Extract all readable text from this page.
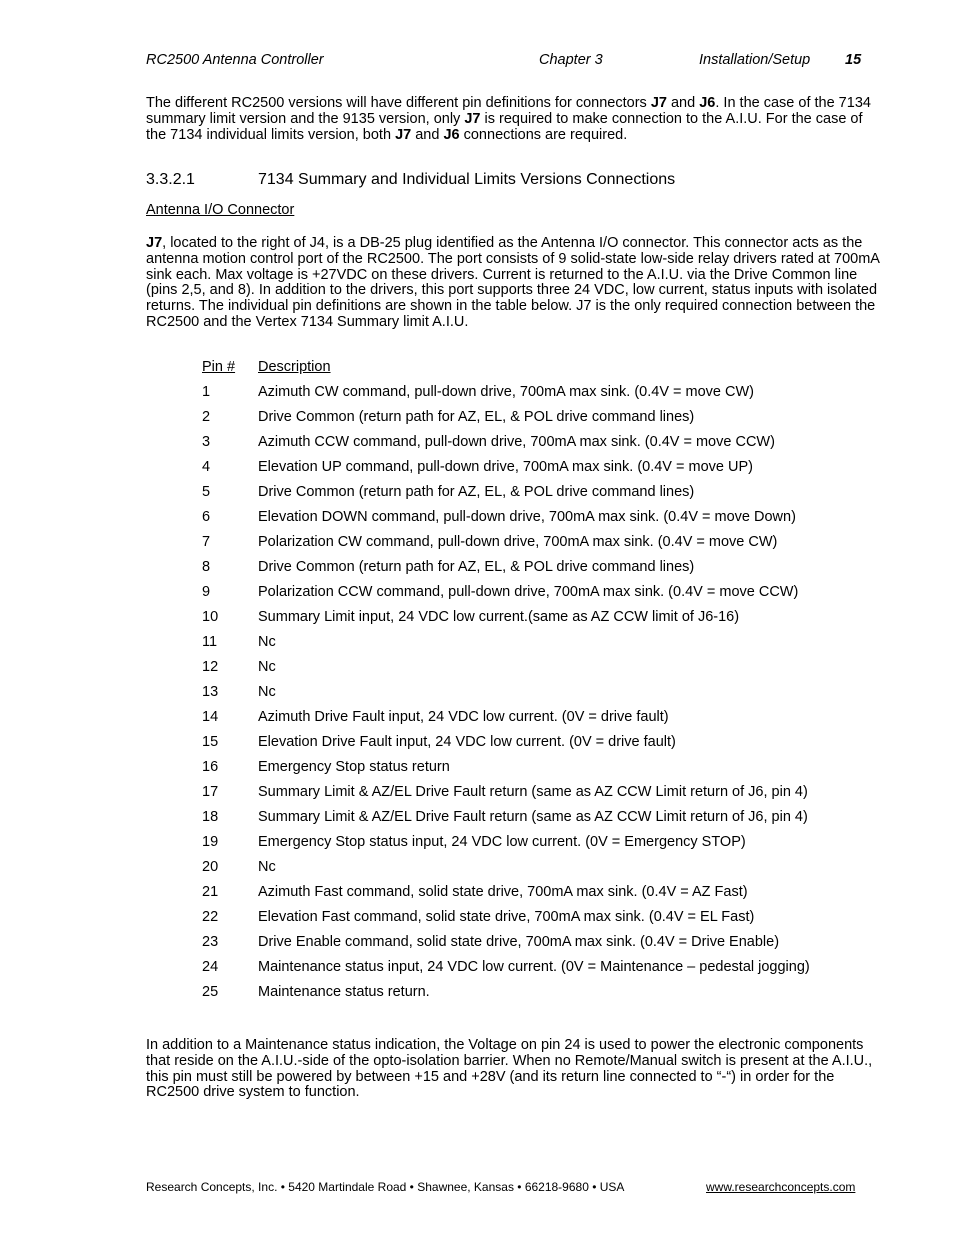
RC2500 Antenna Controller	Chapter 3	Installation/Setup 15

The different RC2500 versions will have different pin definitions for connectors J7 and J6. In the case of the 7134 summary limit version and the 9135 version, only J7 is required to make connection to the A.I.U. For the case of the 7134 individual limits version, both J7 and J6 connections are required.

3.3.2.1	7134 Summary and Individual Limits Versions Connections
Antenna I/O Connector

J7, located to the right of J4, is a DB-25 plug identified as the Antenna I/O connector. This connector acts as the antenna motion control port of the RC2500. The port consists of 9 solid-state low-side relay drivers rated at 700mA sink each. Max voltage is +27VDC on these drivers. Current is returned to the A.I.U. via the Drive Common line (pins 2,5, and 8). In addition to the drivers, this port supports three 24 VDC, low current, status inputs with isolated returns. The individual pin definitions are shown in the table below. J7 is the only required connection between the RC2500 and the Vertex 7134 Summary limit A.I.U.

Pin # Description
1	Azimuth CW command, pull-down drive, 700mA max sink. (0.4V = move CW)
2	Drive Common (return path for AZ, EL, & POL drive command lines)
3	Azimuth CCW command, pull-down drive, 700mA max sink. (0.4V = move CCW)
4	Elevation UP command, pull-down drive, 700mA max sink. (0.4V = move UP)
5	Drive Common (return path for AZ, EL, & POL drive command lines)
6	Elevation DOWN command, pull-down drive, 700mA max sink. (0.4V = move Down)
7	Polarization CW command, pull-down drive, 700mA max sink. (0.4V = move CW)
8	Drive Common (return path for AZ, EL, & POL drive command lines)
9	Polarization CCW command, pull-down drive, 700mA max sink. (0.4V = move CCW)
10	Summary Limit input, 24 VDC low current.(same as AZ CCW limit of J6-16)
11	Nc
12	Nc
13	Nc
14	Azimuth Drive Fault input, 24 VDC low current. (0V = drive fault)
15	Elevation Drive Fault input, 24 VDC low current. (0V = drive fault)
16	Emergency Stop status return
17	Summary Limit & AZ/EL Drive Fault return (same as AZ CCW Limit return of J6, pin 4)
18	Summary Limit & AZ/EL Drive Fault return (same as AZ CCW Limit return of J6, pin 4)
19	Emergency Stop status input, 24 VDC low current. (0V = Emergency STOP)
20	Nc
21	Azimuth Fast command, solid state drive, 700mA max sink. (0.4V = AZ Fast)
22	Elevation Fast command, solid state drive, 700mA max sink. (0.4V = EL Fast)
23	Drive Enable command, solid state drive, 700mA max sink. (0.4V = Drive Enable)
24	Maintenance status input, 24 VDC low current. (0V = Maintenance – pedestal jogging)
25	Maintenance status return.

In addition to a Maintenance status indication, the Voltage on pin 24 is used to power the electronic components that reside on the A.I.U.-side of the opto-isolation barrier. When no Remote/Manual switch is present at the A.I.U., this pin must still be powered by between +15 and +28V (and its return line connected to “-“) in order for the RC2500 drive system to function.

Research Concepts, Inc. • 5420 Martindale Road • Shawnee, Kansas • 66218-9680 • USA	www.researchconcepts.com
